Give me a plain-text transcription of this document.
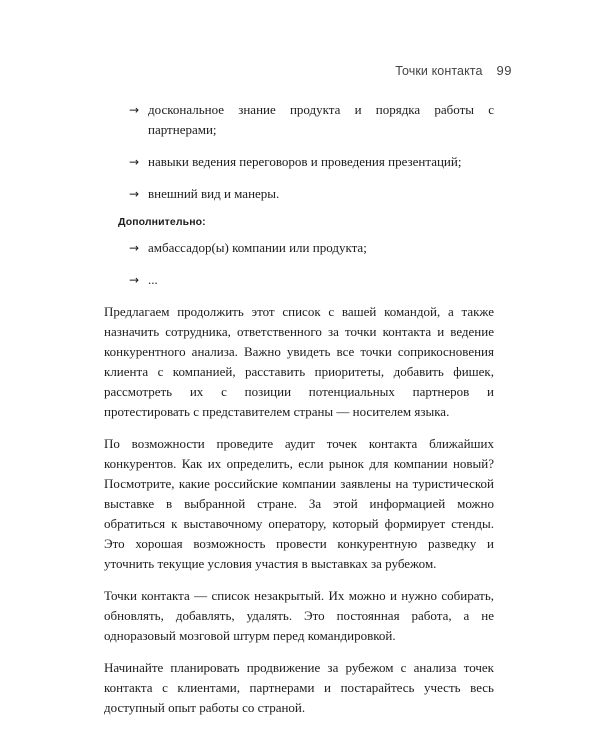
Точки контакта 99
→ доскональное знание продукта и порядка работы с партнерами;
→ навыки ведения переговоров и проведения презентаций;
→ внешний вид и манеры.
Дополнительно:
→ амбассадор(ы) компании или продукта;
→ ...

Предлагаем продолжить этот список с вашей командой, а также назначить сотрудника, ответственного за точки контакта и ведение конкурентного анализа. Важно увидеть все точки соприкосновения клиента с компанией, расставить приоритеты, добавить фишек, рассмотреть их с позиции потенциальных партнеров и протестировать с представителем страны — носителем языка.

По возможности проведите аудит точек контакта ближайших конкурентов. Как их определить, если рынок для компании новый? Посмотрите, какие российские компании заявлены на туристической выставке в выбранной стране. За этой информацией можно обратиться к выставочному оператору, который формирует стенды. Это хорошая возможность провести конкурентную разведку и уточнить текущие условия участия в выставках за рубежом.

Точки контакта — список незакрытый. Их можно и нужно собирать, обновлять, добавлять, удалять. Это постоянная работа, а не одноразовый мозговой штурм перед командировкой.

Начинайте планировать продвижение за рубежом с анализа точек контакта с клиентами, партнерами и постарайтесь учесть весь доступный опыт работы со страной.
